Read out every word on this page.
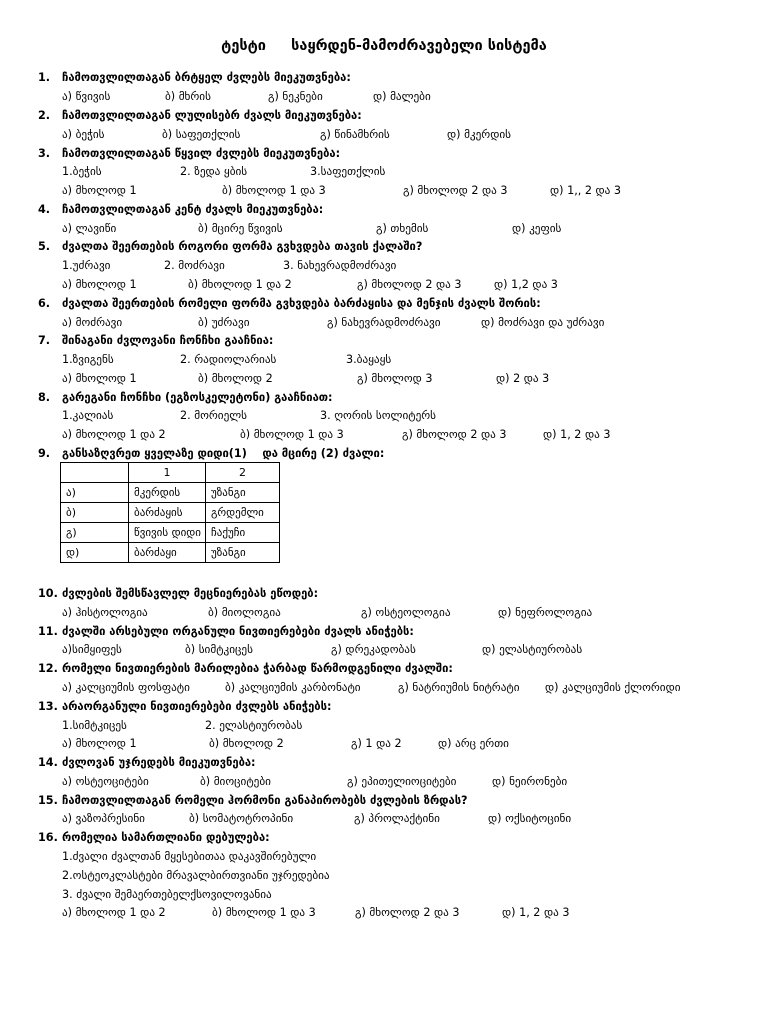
ტესტი     საყრდენ-მამოძრავებელი სისტემა
1. ჩამოთვლილთაგან ბრტყელ ძვლებს მიეკუთვნება:
ა) წვივის	ბ) მხრის	გ) ნეკნები	დ) მალები
2. ჩამოთვლილთაგან ლულისებრ ძვალს მიეკუთვნება:
ა) ბეჭის	ბ) საფეთქლის	გ) წინამხრის	დ) მკერდის
3. ჩამოთვლილთაგან წყვილ ძვლებს მიეკუთვნება:
1.ბეჭის	2. ზედა ყბის	3.საფეთქლის
ა) მხოლოდ 1	ბ) მხოლოდ 1 და 3	გ) მხოლოდ 2 და 3	დ) 1,, 2 და 3
4. ჩამოთვლილთაგან კენტ ძვალს მიეკუთვნება:
ა) ლავიწი	ბ) მცირე წვივის	გ) თხემის	დ) კეფის
5. ძვალთა შეერთების როგორი ფორმა გვხვდება თავის ქალაში?
1.უძრავი	2. მოძრავი	3. ნახევრადმოძრავი
ა) მხოლოდ 1	ბ) მხოლოდ 1 და 2	გ) მხოლოდ 2 და 3	დ) 1,2 და 3
6. ძვალთა შეერთების რომელი ფორმა გვხვდება ბარძაყისა და მენჯის ძვალს შორის:
ა) მოძრავი	ბ) უძრავი	გ) ნახევრადმოძრავი	დ) მოძრავი და უძრავი
7. შინაგანი ძვლოვანი ჩონჩხი გააჩნია:
1.ზვიგენს	2. რადიოლარიას	3.ბაყაყს
ა) მხოლოდ 1	ბ) მხოლოდ 2	გ) მხოლოდ 3	დ) 2 და 3
8. გარეგანი ჩონჩხი (ეგზოსკელეტონი) გააჩნიათ:
1.კალიას	2. მორიელს	3. ღორის სოლიტერს
ა) მხოლოდ 1 და 2	ბ) მხოლოდ 1 და 3	გ) მხოლოდ 2 და 3	დ) 1, 2 და 3
9. განსაზღვრეთ ყველაზე დიდი(1)    და მცირე (2) ძვალი:
	1	2
ა)	მკერდის	უზანგი
ბ)	ბარძაყის	გრდემლი
გ)	წვივის დიდი	ჩაქუჩი
დ)	ბარძაყი	უზანგი
10. ძვლების შემსწავლელ მეცნიერებას ეწოდებ:
ა) ჰისტოლოგია	ბ) მიოლოგია	გ) ოსტეოლოგია	დ) ნეფროლოგია
11. ძვალში არსებული ორგანული ნივთიერებები ძვალს ანიჭებს:
ა)სიმყიფეს	ბ) სიმტკიცეს	გ) დრეკადობას	დ) ელასტიურობას
12. რომელი ნივთიერების მარილებია ჭარბად წარმოდგენილი ძვალში:
ა) კალციუმის ფოსფატი	ბ) კალციუმის კარბონატი	გ) ნატრიუმის ნიტრატი დ) კალციუმის ქლორიდი
13. არაორგანული ნივთიერებები ძვლებს ანიჭებს:
1.სიმტკიცეს	2. ელასტიურობას
ა) მხოლოდ 1	ბ) მხოლოდ 2	გ) 1 და 2	დ) არც ერთი
14. ძვლოვან უჯრედებს მიეკუთვნება:
ა) ოსტეოციტები	ბ) მიოციტები	გ) ეპითელიოციტები	დ) ნეირონები
15. ჩამოთვლილთაგან რომელი ჰორმონი განაპირობებს ძვლების ზრდას?
ა) ვაზოპრესინი	ბ) სომატოტროპინი	გ) პროლაქტინი	დ) ოქსიტოცინი
16. რომელია სამართლიანი დებულება:
1.ძვალი ძვალთან მყესებითაა დაკავშირებული
2.ოსტეოკლასტები მრავალბირთვიანი უჯრედებია
3. ძვალი შემაერთებელქსოვილოვანია
ა) მხოლოდ 1 და 2	ბ) მხოლოდ 1 და 3	გ) მხოლოდ 2 და 3	დ) 1, 2 და 3
